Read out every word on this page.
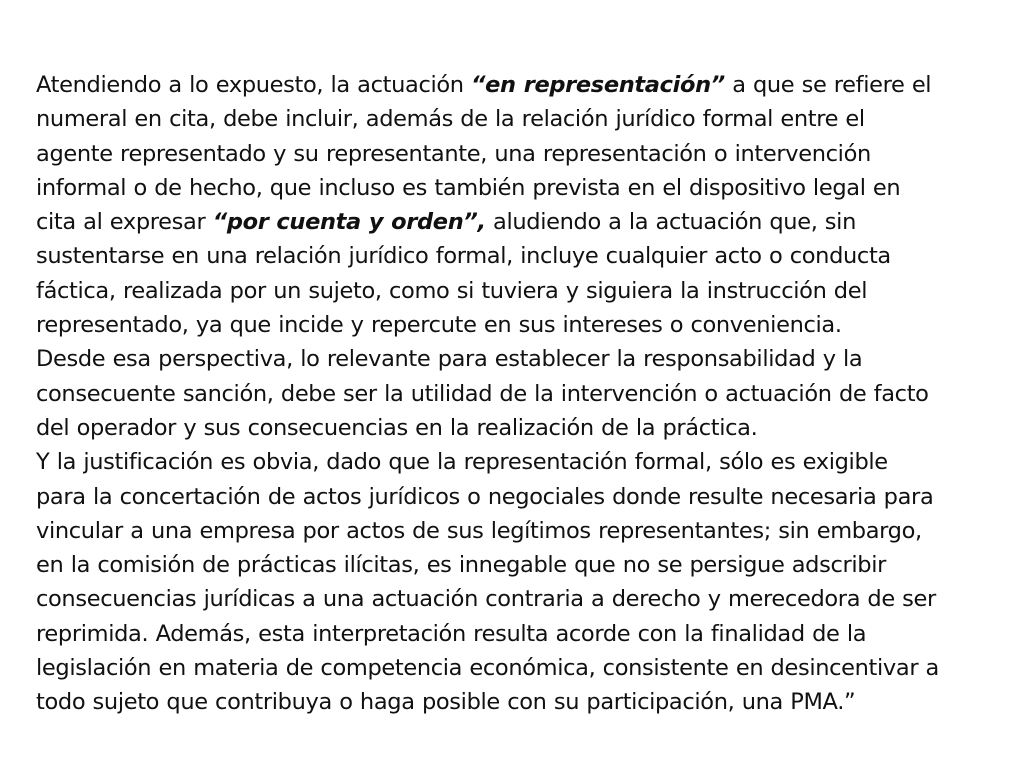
Atendiendo a lo expuesto, la actuación “en representación” a que se refiere el
numeral en cita, debe incluir, además de la relación jurídico formal entre el
agente representado y su representante, una representación o intervención
informal o de hecho, que incluso es también prevista en el dispositivo legal en
cita al expresar “por cuenta y orden”, aludiendo a la actuación que, sin
sustentarse en una relación jurídico formal, incluye cualquier acto o conducta
fáctica, realizada por un sujeto, como si tuviera y siguiera la instrucción del
representado, ya que incide y repercute en sus intereses o conveniencia.
Desde esa perspectiva, lo relevante para establecer la responsabilidad y la
consecuente sanción, debe ser la utilidad de la intervención o actuación de facto
del operador y sus consecuencias en la realización de la práctica.
Y la justificación es obvia, dado que la representación formal, sólo es exigible
para la concertación de actos jurídicos o negociales donde resulte necesaria para
vincular a una empresa por actos de sus legítimos representantes; sin embargo,
en la comisión de prácticas ilícitas, es innegable que no se persigue adscribir
consecuencias jurídicas a una actuación contraria a derecho y merecedora de ser
reprimida. Además, esta interpretación resulta acorde con la finalidad de la
legislación en materia de competencia económica, consistente en desincentivar a
todo sujeto que contribuya o haga posible con su participación, una PMA.”
